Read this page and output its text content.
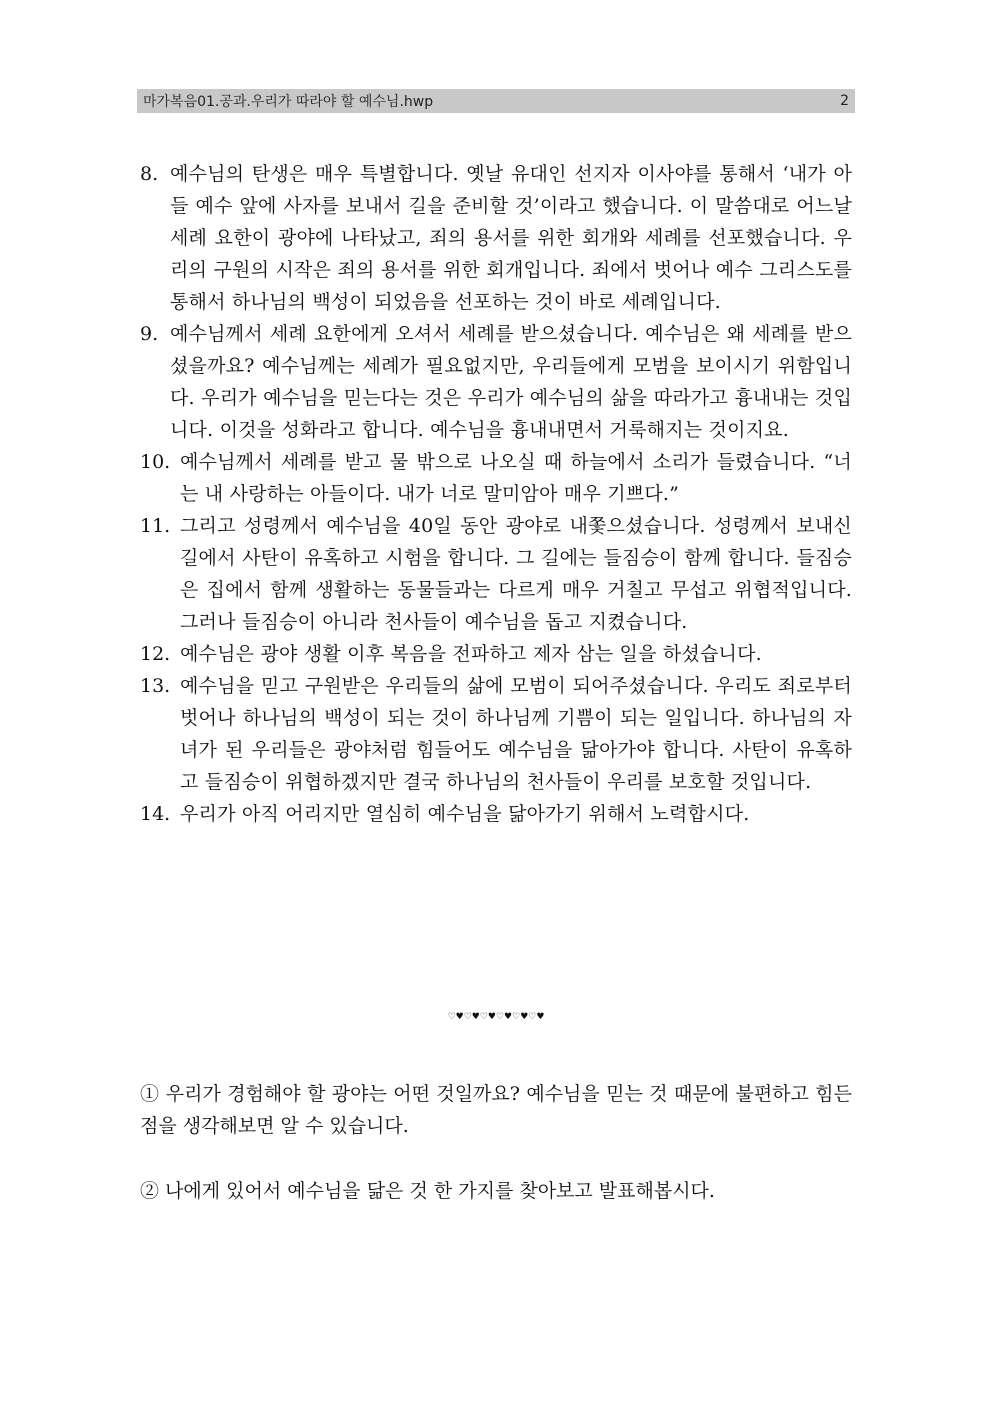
마가복음01.공과.우리가 따라야 할 예수님.hwp	2
8. 예수님의 탄생은 매우 특별합니다. 옛날 유대인 선지자 이사야를 통해서 ‘내가 아들 예수 앞에 사자를 보내서 길을 준비할 것’이라고 했습니다. 이 말씀대로 어느날 세례 요한이 광야에 나타났고, 죄의 용서를 위한 회개와 세례를 선포했습니다. 우리의 구원의 시작은 죄의 용서를 위한 회개입니다. 죄에서 벗어나 예수 그리스도를 통해서 하나님의 백성이 되었음을 선포하는 것이 바로 세례입니다.
9. 예수님께서 세례 요한에게 오셔서 세례를 받으셨습니다. 예수님은 왜 세례를 받으셨을까요? 예수님께는 세례가 필요없지만, 우리들에게 모범을 보이시기 위함입니다. 우리가 예수님을 믿는다는 것은 우리가 예수님의 삶을 따라가고 흉내내는 것입니다. 이것을 성화라고 합니다. 예수님을 흉내내면서 거룩해지는 것이지요.
10. 예수님께서 세례를 받고 물 밖으로 나오실 때 하늘에서 소리가 들렸습니다. “너는 내 사랑하는 아들이다. 내가 너로 말미암아 매우 기쁘다.”
11. 그리고 성령께서 예수님을 40일 동안 광야로 내쫓으셨습니다. 성령께서 보내신 길에서 사탄이 유혹하고 시험을 합니다. 그 길에는 들짐승이 함께 합니다. 들짐승은 집에서 함께 생활하는 동물들과는 다르게 매우 거칠고 무섭고 위협적입니다. 그러나 들짐승이 아니라 천사들이 예수님을 돕고 지켰습니다.
12. 예수님은 광야 생활 이후 복음을 전파하고 제자 삼는 일을 하셨습니다.
13. 예수님을 믿고 구원받은 우리들의 삶에 모범이 되어주셨습니다. 우리도 죄로부터 벗어나 하나님의 백성이 되는 것이 하나님께 기쁨이 되는 일입니다. 하나님의 자녀가 된 우리들은 광야처럼 힘들어도 예수님을 닮아가야 합니다. 사탄이 유혹하고 들짐승이 위협하겠지만 결국 하나님의 천사들이 우리를 보호할 것입니다.
14. 우리가 아직 어리지만 열심히 예수님을 닮아가기 위해서 노력합시다.
♡♥♡♥♡♥♡♥♡♥♡♥
① 우리가 경험해야 할 광야는 어떤 것일까요? 예수님을 믿는 것 때문에 불편하고 힘든 점을 생각해보면 알 수 있습니다.
② 나에게 있어서 예수님을 닮은 것 한 가지를 찾아보고 발표해봅시다.
